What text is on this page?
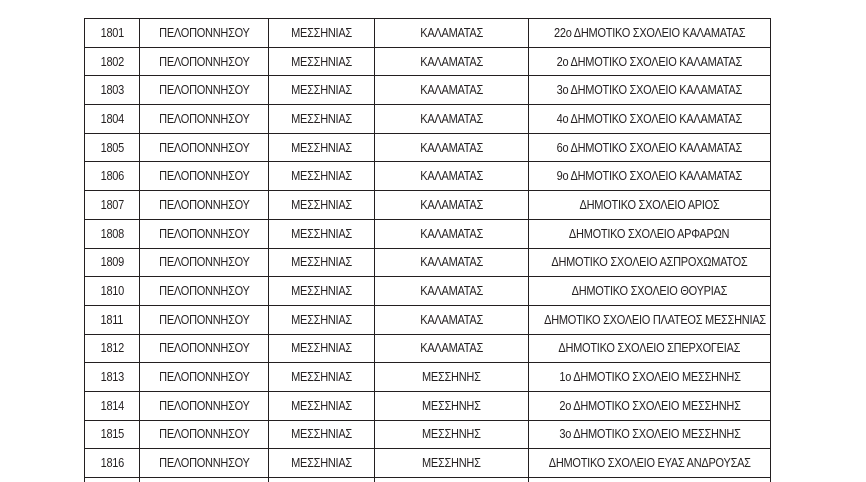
1801	ΠΕΛΟΠΟΝΝΗΣΟΥ	ΜΕΣΣΗΝΙΑΣ	ΚΑΛΑΜΑΤΑΣ	22ο ΔΗΜΟΤΙΚΟ ΣΧΟΛΕΙΟ ΚΑΛΑΜΑΤΑΣ
1802	ΠΕΛΟΠΟΝΝΗΣΟΥ	ΜΕΣΣΗΝΙΑΣ	ΚΑΛΑΜΑΤΑΣ	2ο ΔΗΜΟΤΙΚΟ ΣΧΟΛΕΙΟ ΚΑΛΑΜΑΤΑΣ
1803	ΠΕΛΟΠΟΝΝΗΣΟΥ	ΜΕΣΣΗΝΙΑΣ	ΚΑΛΑΜΑΤΑΣ	3ο ΔΗΜΟΤΙΚΟ ΣΧΟΛΕΙΟ ΚΑΛΑΜΑΤΑΣ
1804	ΠΕΛΟΠΟΝΝΗΣΟΥ	ΜΕΣΣΗΝΙΑΣ	ΚΑΛΑΜΑΤΑΣ	4ο ΔΗΜΟΤΙΚΟ ΣΧΟΛΕΙΟ ΚΑΛΑΜΑΤΑΣ
1805	ΠΕΛΟΠΟΝΝΗΣΟΥ	ΜΕΣΣΗΝΙΑΣ	ΚΑΛΑΜΑΤΑΣ	6ο ΔΗΜΟΤΙΚΟ ΣΧΟΛΕΙΟ ΚΑΛΑΜΑΤΑΣ
1806	ΠΕΛΟΠΟΝΝΗΣΟΥ	ΜΕΣΣΗΝΙΑΣ	ΚΑΛΑΜΑΤΑΣ	9ο ΔΗΜΟΤΙΚΟ ΣΧΟΛΕΙΟ ΚΑΛΑΜΑΤΑΣ
1807	ΠΕΛΟΠΟΝΝΗΣΟΥ	ΜΕΣΣΗΝΙΑΣ	ΚΑΛΑΜΑΤΑΣ	ΔΗΜΟΤΙΚΟ ΣΧΟΛΕΙΟ ΑΡΙΟΣ
1808	ΠΕΛΟΠΟΝΝΗΣΟΥ	ΜΕΣΣΗΝΙΑΣ	ΚΑΛΑΜΑΤΑΣ	ΔΗΜΟΤΙΚΟ ΣΧΟΛΕΙΟ ΑΡΦΑΡΩΝ
1809	ΠΕΛΟΠΟΝΝΗΣΟΥ	ΜΕΣΣΗΝΙΑΣ	ΚΑΛΑΜΑΤΑΣ	ΔΗΜΟΤΙΚΟ ΣΧΟΛΕΙΟ ΑΣΠΡΟΧΩΜΑΤΟΣ
1810	ΠΕΛΟΠΟΝΝΗΣΟΥ	ΜΕΣΣΗΝΙΑΣ	ΚΑΛΑΜΑΤΑΣ	ΔΗΜΟΤΙΚΟ ΣΧΟΛΕΙΟ ΘΟΥΡΙΑΣ
1811	ΠΕΛΟΠΟΝΝΗΣΟΥ	ΜΕΣΣΗΝΙΑΣ	ΚΑΛΑΜΑΤΑΣ	ΔΗΜΟΤΙΚΟ ΣΧΟΛΕΙΟ ΠΛΑΤΕΟΣ ΜΕΣΣΗΝΙΑΣ
1812	ΠΕΛΟΠΟΝΝΗΣΟΥ	ΜΕΣΣΗΝΙΑΣ	ΚΑΛΑΜΑΤΑΣ	ΔΗΜΟΤΙΚΟ ΣΧΟΛΕΙΟ ΣΠΕΡΧΟΓΕΙΑΣ
1813	ΠΕΛΟΠΟΝΝΗΣΟΥ	ΜΕΣΣΗΝΙΑΣ	ΜΕΣΣΗΝΗΣ	1ο ΔΗΜΟΤΙΚΟ ΣΧΟΛΕΙΟ ΜΕΣΣΗΝΗΣ
1814	ΠΕΛΟΠΟΝΝΗΣΟΥ	ΜΕΣΣΗΝΙΑΣ	ΜΕΣΣΗΝΗΣ	2ο ΔΗΜΟΤΙΚΟ ΣΧΟΛΕΙΟ ΜΕΣΣΗΝΗΣ
1815	ΠΕΛΟΠΟΝΝΗΣΟΥ	ΜΕΣΣΗΝΙΑΣ	ΜΕΣΣΗΝΗΣ	3ο ΔΗΜΟΤΙΚΟ ΣΧΟΛΕΙΟ ΜΕΣΣΗΝΗΣ
1816	ΠΕΛΟΠΟΝΝΗΣΟΥ	ΜΕΣΣΗΝΙΑΣ	ΜΕΣΣΗΝΗΣ	ΔΗΜΟΤΙΚΟ ΣΧΟΛΕΙΟ ΕΥΑΣ ΑΝΔΡΟΥΣΑΣ
